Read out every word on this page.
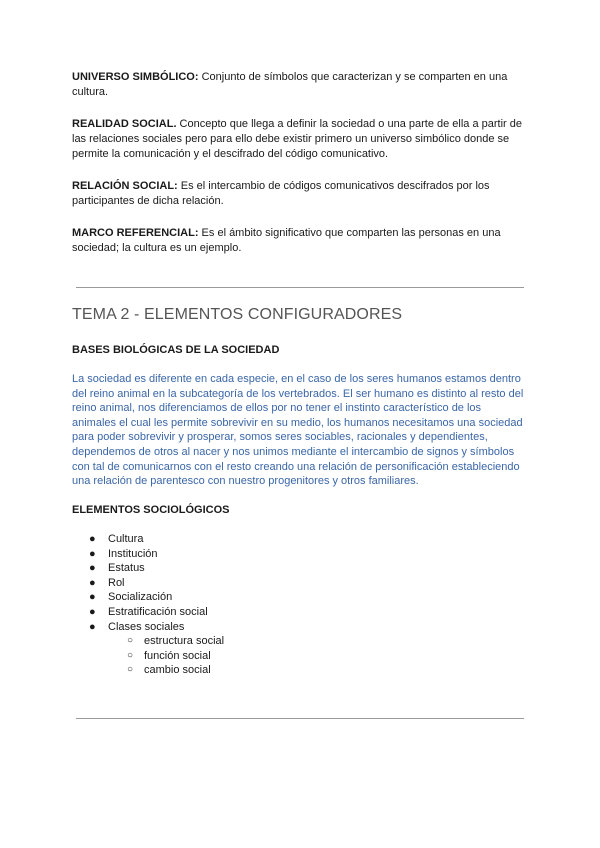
UNIVERSO SIMBÓLICO: Conjunto de símbolos que caracterizan y se comparten en una cultura.

REALIDAD SOCIAL. Concepto que llega a definir la sociedad o una parte de ella a partir de las relaciones sociales pero para ello debe existir primero un universo simbólico donde se permite la comunicación y el descifrado del código comunicativo.

RELACIÓN SOCIAL: Es el intercambio de códigos comunicativos descifrados por los participantes de dicha relación.

MARCO REFERENCIAL: Es el ámbito significativo que comparten las personas en una sociedad; la cultura es un ejemplo.

TEMA 2 - ELEMENTOS CONFIGURADORES
BASES BIOLÓGICAS DE LA SOCIEDAD

La sociedad es diferente en cada especie, en el caso de los seres humanos estamos dentro del reino animal en la subcategoría de los vertebrados. El ser humano es distinto al resto del reino animal, nos diferenciamos de ellos por no tener el instinto característico de los animales el cual les permite sobrevivir en su medio, los humanos necesitamos una sociedad para poder sobrevivir y prosperar, somos seres sociables, racionales y dependientes, dependemos de otros al nacer y nos unimos mediante el intercambio de signos y símbolos con tal de comunicarnos con el resto creando una relación de personificación estableciendo una relación de parentesco con nuestro progenitores y otros familiares.

ELEMENTOS SOCIOLÓGICOS
● Cultura
● Institución
● Estatus
● Rol
● Socialización
● Estratificación social
● Clases sociales
○ estructura social
○ función social
○ cambio social
